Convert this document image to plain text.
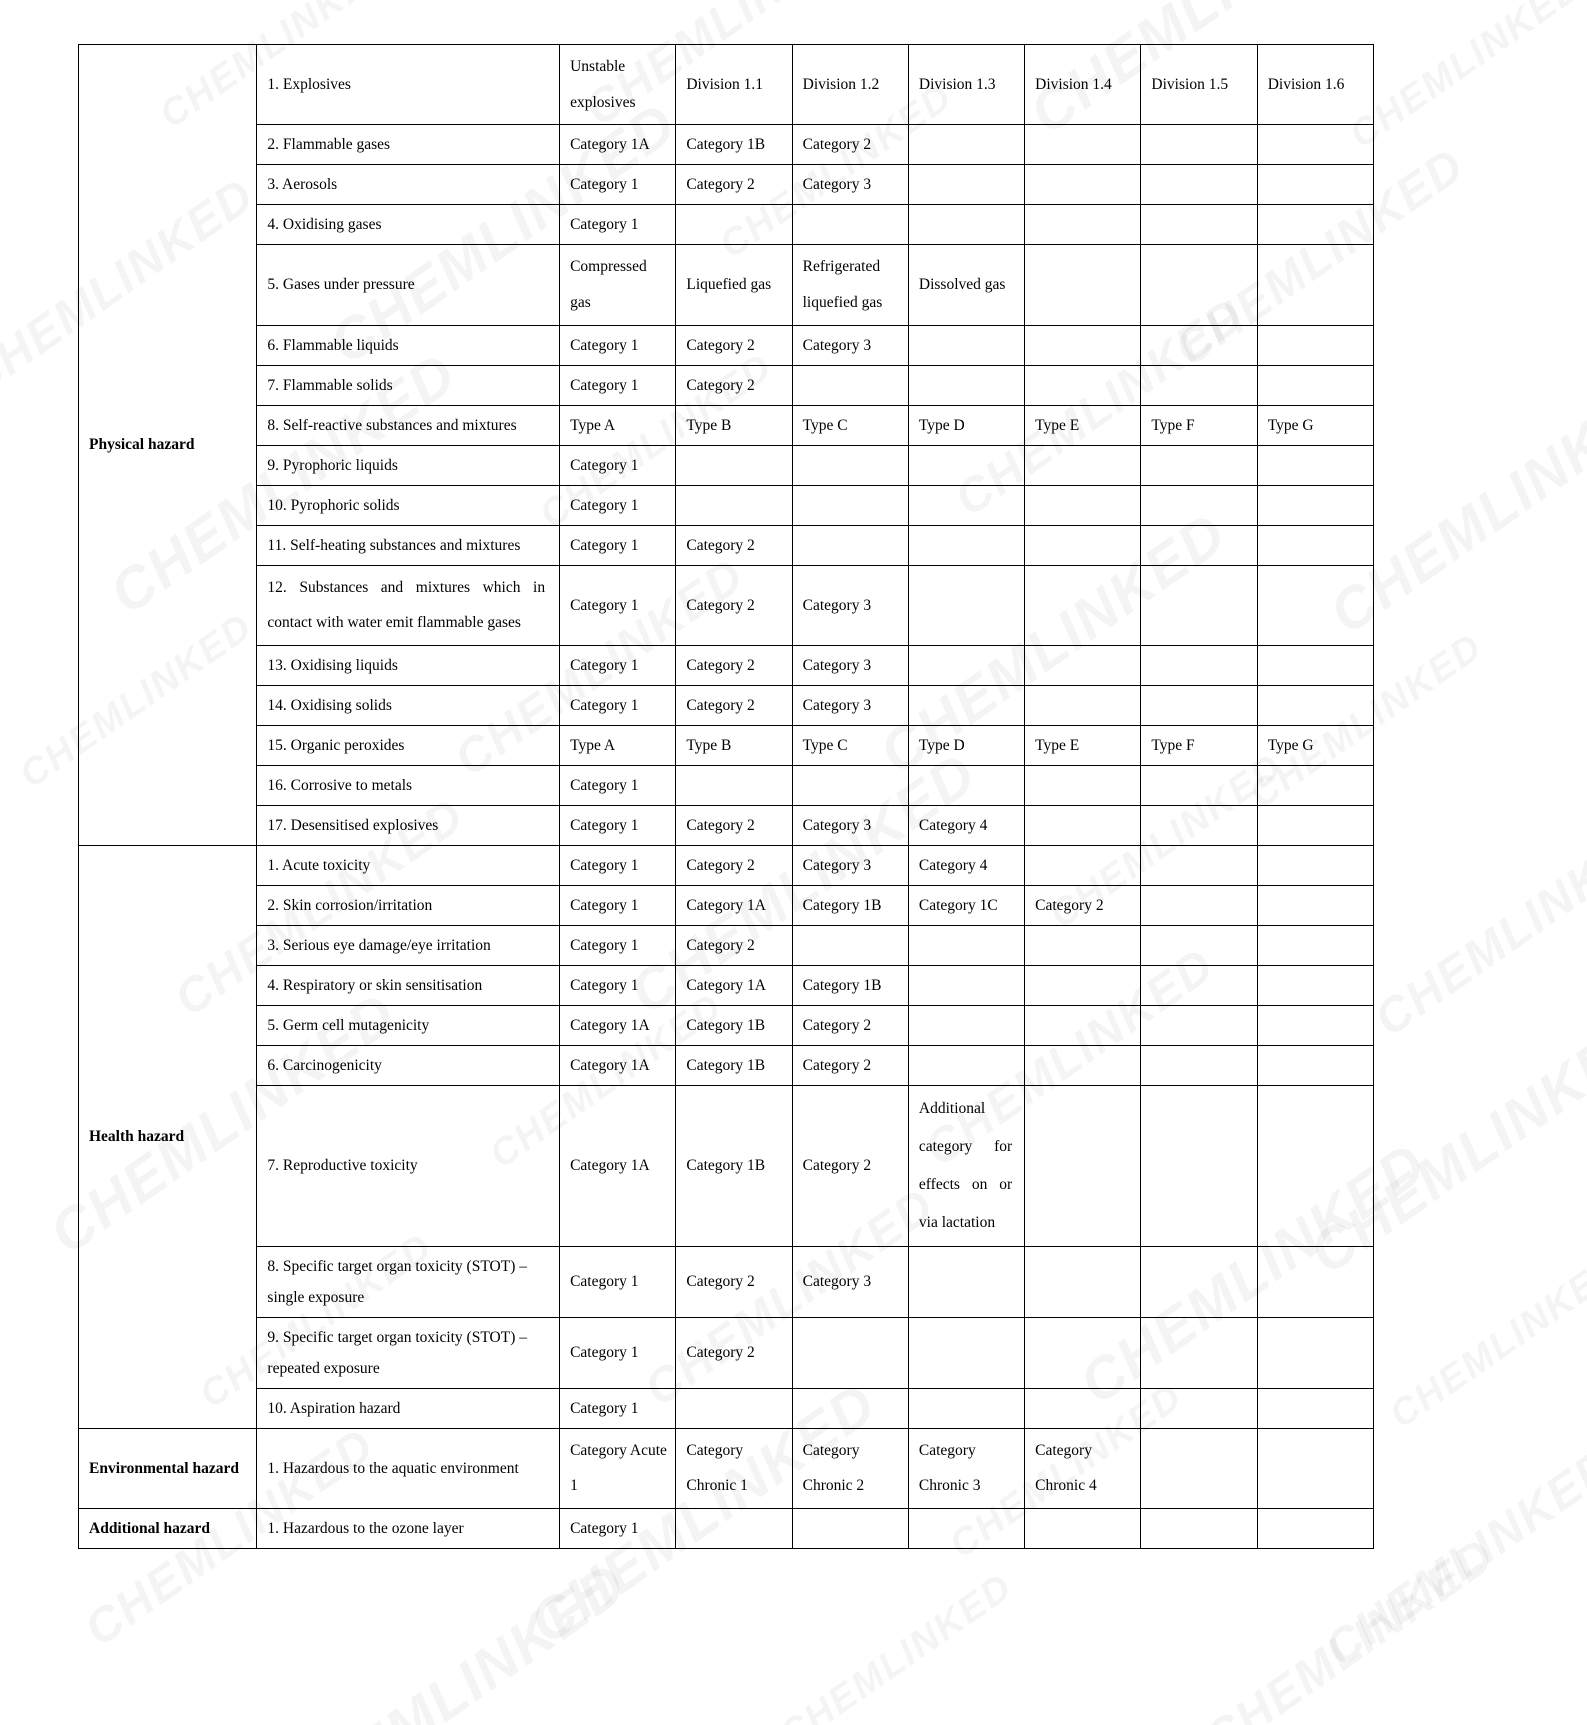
Physical hazard	1. Explosives	Unstable explosives	Division 1.1	Division 1.2	Division 1.3	Division 1.4	Division 1.5	Division 1.6
	2. Flammable gases	Category 1A	Category 1B	Category 2				
	3. Aerosols	Category 1	Category 2	Category 3				
	4. Oxidising gases	Category 1						
	5. Gases under pressure	Compressed gas	Liquefied gas	Refrigerated liquefied gas	Dissolved gas			
	6. Flammable liquids	Category 1	Category 2	Category 3				
	7. Flammable solids	Category 1	Category 2					
	8. Self-reactive substances and mixtures	Type A	Type B	Type C	Type D	Type E	Type F	Type G
	9. Pyrophoric liquids	Category 1						
	10. Pyrophoric solids	Category 1						
	11. Self-heating substances and mixtures	Category 1	Category 2					
	12. Substances and mixtures which in contact with water emit flammable gases	Category 1	Category 2	Category 3				
	13. Oxidising liquids	Category 1	Category 2	Category 3				
	14. Oxidising solids	Category 1	Category 2	Category 3				
	15. Organic peroxides	Type A	Type B	Type C	Type D	Type E	Type F	Type G
	16. Corrosive to metals	Category 1						
	17. Desensitised explosives	Category 1	Category 2	Category 3	Category 4			
Health hazard	1. Acute toxicity	Category 1	Category 2	Category 3	Category 4			
	2. Skin corrosion/irritation	Category 1	Category 1A	Category 1B	Category 1C	Category 2		
	3. Serious eye damage/eye irritation	Category 1	Category 2					
	4. Respiratory or skin sensitisation	Category 1	Category 1A	Category 1B				
	5. Germ cell mutagenicity	Category 1A	Category 1B	Category 2				
	6. Carcinogenicity	Category 1A	Category 1B	Category 2				
	7. Reproductive toxicity	Category 1A	Category 1B	Category 2	Additional category for effects on or via lactation			
	8. Specific target organ toxicity (STOT) – single exposure	Category 1	Category 2	Category 3				
	9. Specific target organ toxicity (STOT) – repeated exposure	Category 1	Category 2					
	10. Aspiration hazard	Category 1						
Environmental hazard	1. Hazardous to the aquatic environment	Category Acute 1	Category Chronic 1	Category Chronic 2	Category Chronic 3	Category Chronic 4		
Additional hazard	1. Hazardous to the ozone layer	Category 1						
